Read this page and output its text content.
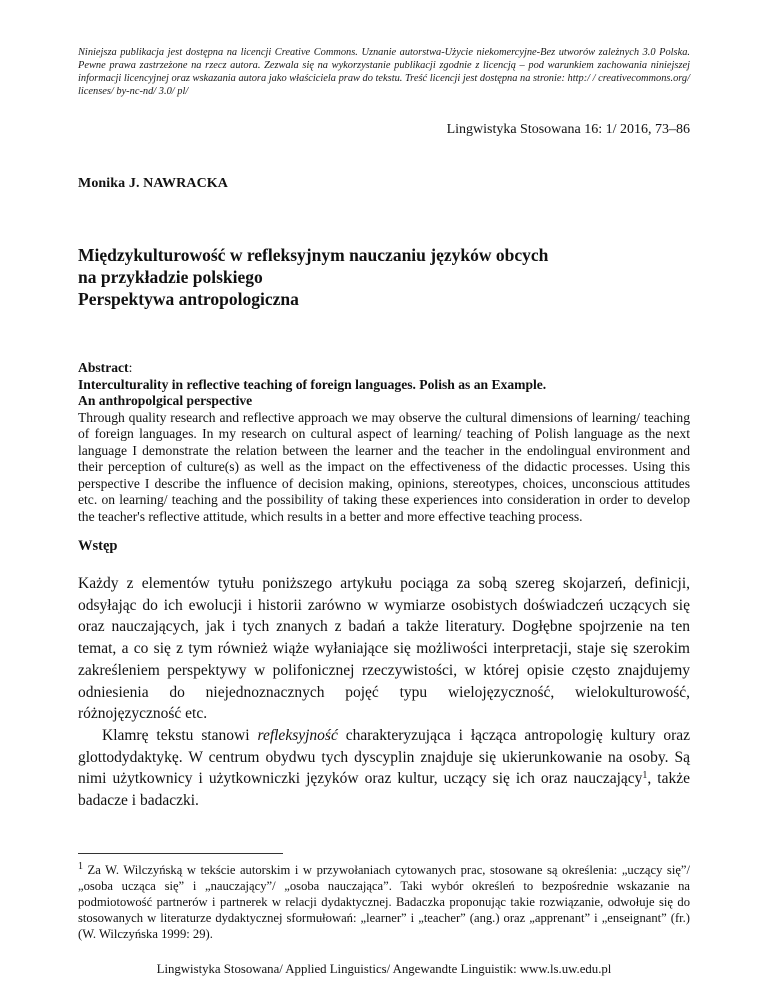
Niniejsza publikacja jest dostępna na licencji Creative Commons. Uznanie autorstwa-Użycie niekomercyjne-Bez utworów zależnych 3.0 Polska. Pewne prawa zastrzeżone na rzecz autora. Zezwala się na wykorzystanie publikacji zgodnie z licencją – pod warunkiem zachowania niniejszej informacji licencyjnej oraz wskazania autora jako właściciela praw do tekstu. Treść licencji jest dostępna na stronie: http:/ / creativecommons.org/ licenses/ by-nc-nd/ 3.0/ pl/

Lingwistyka Stosowana 16: 1/ 2016, 73–86

Monika J. NAWRACKA

Międzykulturowość w refleksyjnym nauczaniu języków obcych
na przykładzie polskiego
Perspektywa antropologiczna

Abstract:

Interculturality in reflective teaching of foreign languages. Polish as an Example.

An anthropolgical perspective

Through quality research and reflective approach we may observe the cultural dimensions of learning/ teaching of foreign languages. In my research on cultural aspect of learning/ teaching of Polish language as the next language I demonstrate the relation between the learner and the teacher in the endolingual environment and their perception of culture(s) as well as the impact on the effectiveness of the didactic processes. Using this perspective I describe the influence of decision making, opinions, stereotypes, choices, unconscious attitudes etc. on learning/ teaching and the possibility of taking these experiences into consideration in order to develop the teacher's reflective attitude, which results in a better and more effective teaching process.

Wstęp

Każdy z elementów tytułu poniższego artykułu pociąga za sobą szereg skojarzeń, definicji, odsyłając do ich ewolucji i historii zarówno w wymiarze osobistych doświadczeń uczących się oraz nauczających, jak i tych znanych z badań a także literatury. Dogłębne spojrzenie na ten temat, a co się z tym również wiąże wyłaniające się możliwości interpretacji, staje się szerokim zakreśleniem perspektywy w polifonicznej rzeczywistości, w której opisie często znajdujemy odniesienia do niejednoznacznych pojęć typu wielojęzyczność, wielokulturowość, różnojęzyczność etc.

Klamrę tekstu stanowi refleksyjność charakteryzująca i łącząca antropologię kultury oraz glottodydaktykę. W centrum obydwu tych dyscyplin znajduje się ukierunkowanie na osoby. Są nimi użytkownicy i użytkowniczki języków oraz kultur, uczący się ich oraz nauczający$^1$, także badacze i badaczki.

$^1$ Za W. Wilczyńską w tekście autorskim i w przywołaniach cytowanych prac, stosowane są określenia: „uczący się”/ „osoba ucząca się” i „nauczający”/ „osoba nauczająca”. Taki wybór określeń to bezpośrednie wskazanie na podmiotowość partnerów i partnerek w relacji dydaktycznej. Badaczka proponując takie rozwiązanie, odwołuje się do stosowanych w literaturze dydaktycznej sformułowań: „learner” i „teacher” (ang.) oraz „apprenant” i „enseignant” (fr.) (W. Wilczyńska 1999: 29).

Lingwistyka Stosowana/ Applied Linguistics/ Angewandte Linguistik: www.ls.uw.edu.pl
